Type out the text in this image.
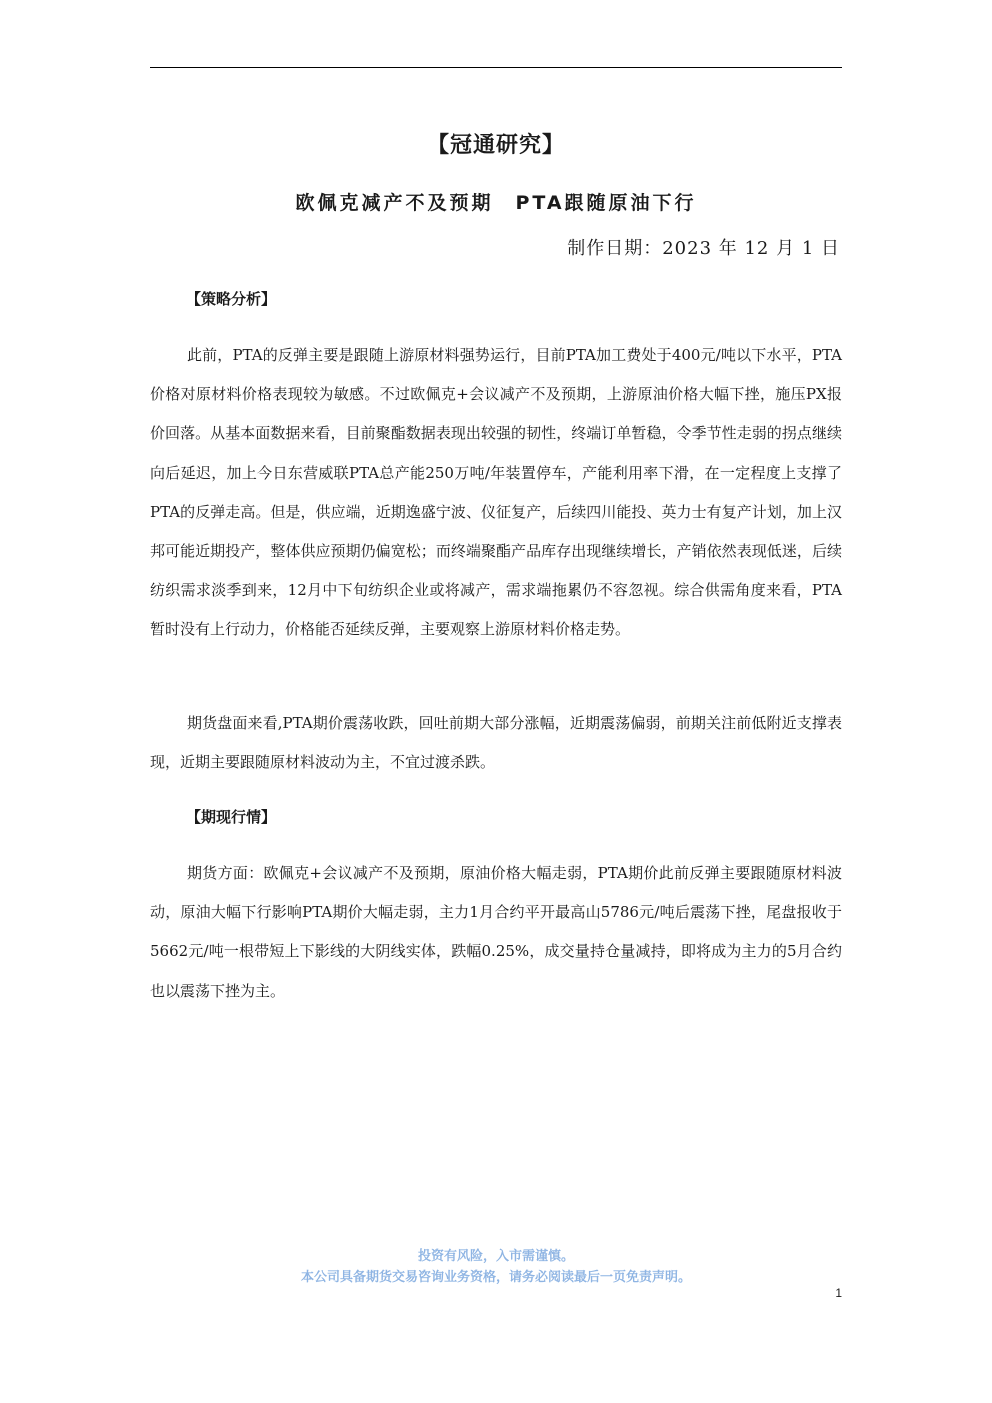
【冠通研究】
欧佩克减产不及预期　PTA跟随原油下行
制作日期：2023 年 12 月 1 日
【策略分析】

此前，PTA的反弹主要是跟随上游原材料强势运行，目前PTA加工费处于400元/吨以下水平，PTA价格对原材料价格表现较为敏感。不过欧佩克+会议减产不及预期，上游原油价格大幅下挫，施压PX报价回落。从基本面数据来看，目前聚酯数据表现出较强的韧性，终端订单暂稳，令季节性走弱的拐点继续向后延迟，加上今日东营威联PTA总产能250万吨/年装置停车，产能利用率下滑，在一定程度上支撑了PTA的反弹走高。但是，供应端，近期逸盛宁波、仪征复产，后续四川能投、英力士有复产计划，加上汉邦可能近期投产，整体供应预期仍偏宽松；而终端聚酯产品库存出现继续增长，产销依然表现低迷，后续纺织需求淡季到来，12月中下旬纺织企业或将减产，需求端拖累仍不容忽视。综合供需角度来看，PTA暂时没有上行动力，价格能否延续反弹，主要观察上游原材料价格走势。

期货盘面来看,PTA期价震荡收跌，回吐前期大部分涨幅，近期震荡偏弱，前期关注前低附近支撑表现，近期主要跟随原材料波动为主，不宜过渡杀跌。

【期现行情】

期货方面：欧佩克+会议减产不及预期，原油价格大幅走弱，PTA期价此前反弹主要跟随原材料波动，原油大幅下行影响PTA期价大幅走弱，主力1月合约平开最高山5786元/吨后震荡下挫，尾盘报收于5662元/吨一根带短上下影线的大阴线实体，跌幅0.25%，成交量持仓量减持，即将成为主力的5月合约也以震荡下挫为主。

投资有风险，入市需谨慎。
本公司具备期货交易咨询业务资格，请务必阅读最后一页免责声明。
1
